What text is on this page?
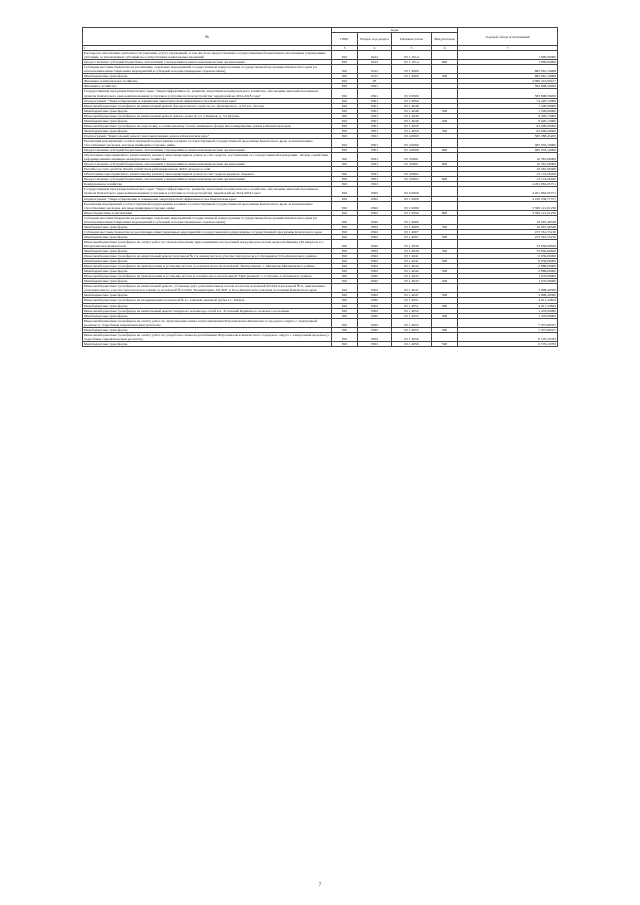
№	коды				Годовой объем ассигнований
	ГРБС	Раздел, под-раздел	Целевая статья	Вид расходов	
1	3	4	5	6	7
Расходы на обеспечение деятельности (оказание услуг) учреждений, в том числе на предоставление государственным бюджетным и автономным учреждениям субсидий, за исключением субсидий на осуществление капитальных вложений	810	0412	05 1 1014		1 890,00000
Предоставление субсидий бюджетным, автономным учреждениям и иным некоммерческим организациям	810	0412	05 1 1014	600	1 890,00000
Субсидии местным бюджетам на реализацию отдельных мероприятий государственной подпрограммы государственной программы Камчатского края (за исключением инвестиционных мероприятий и субсидий, которые приведены отдельно ниже)	810	0412	05 1 4006		882 981,19968
Межбюджетные трансферты	810	0412	05 1 4006	500	882 981,19968
Жилищно-коммунальное хозяйство	810	05			4 966 216,69017
Жилищное хозяйство	810	0501			583 808,58200
Государственная программа Камчатского края "Энергоэффективность, развитие энергетики и коммунального хозяйства, обеспечение жителей населенных пунктов Камчатского края коммунальными услугами и услугами по благоустройству территорий на 2014-2018 годы"	810	0501	05 0 0000		583 808,58200
Подпрограмма "Энергосбережение и повышение энергетической эффективности в Камчатском крае"	810	0501	05 1 0000		74 420,13000
Иные межбюджетные трансферты на капитальный ремонт фасадов жилого дома по ул. Луначарского, д. 65 в п. Оссора	810	0501	05 1 4048		1 500,00000
Межбюджетные трансферты	810	0501	05 1 4048	500	1 500,00000
Иные межбюджетные трансферты на капитальный ремонт жилого дома по ул. Северная, д. 3 в Кутуны	810	0501	05 1 4049		9 920,13000
Межбюджетные трансферты	810	0501	05 1 4049	500	9 920,13000
Иные межбюджетные трансферты на подготовку к отопительному сезону жилищного фонда многоквартирных домов в Камчатском крае	810	0501	05 1 4050		63 000,00000
Межбюджетные трансферты	810	0501	05 1 4050	500	63 000,00000
Подпрограмма "Капитальный ремонт многоквартирных домов в Камчатском крае"	810	0501	05 4 0000		509 388,45200
Реализация мероприятий соответствующей подпрограммы в рамках соответствующей государственной программы Камчатского края, за исключением обособленных расходов, которые приведены отдельно ниже	810	0501	05 4 0099		485 633,10000
Предоставление субсидий бюджетным, автономным учреждениям и иным некоммерческим организациям	810	0501	05 4 0099	600	485 633,10000
Обеспечение мероприятий по капитальному ремонту многоквартирных домов за счет средств, поступивших от государственной корпорации - Фонда содействия реформированию жилищно-коммунального хозяйства	810	0501	05 4 9601		10 581,06000
Предоставление субсидий бюджетным, автономным учреждениям и иным некоммерческим организациям	810	0501	05 4 9601	600	10 581,06000
Расходы за счет средств Фонда содействия реформированию ЖКХ текущего года					10 581,06000
Обеспечение мероприятий по капитальному ремонту многоквартирных домов за счет средств краевого бюджета	810	0501	05 4 9602		13 174,29200
Предоставление субсидий бюджетным, автономным учреждениям и иным некоммерческим организациям	810	0501	05 4 9602	600	13 174,29200
Коммунальное хозяйство	810	0502			4 291 862,65751
Государственная программа Камчатского края "Энергоэффективность, развитие энергетики и коммунального хозяйства, обеспечение жителей населенных пунктов Камчатского края коммунальными услугами и услугами по благоустройству территорий на 2014-2018 годы"	810	0502	05 0 0000		4 291 862,65751
Подпрограмма "Энергосбережение и повышение энергетической эффективности в Камчатском крае"	810	0502	05 1 0000		4 160 239,77377
Реализация мероприятий соответствующей подпрограммы в рамках соответствующей государственной программы Камчатского края, за исключением обособленных расходов, которые приведены отдельно ниже	810	0502	05 1 0099		3 599 121,01256
Иные бюджетные ассигнования	810	0502	05 1 0099	800	3 599 121,01256
Субсидии местным бюджетам на реализацию отдельных мероприятий государственной подпрограммы государственной программы Камчатского края (за исключением инвестиционных мероприятий и субсидий, которые приведены отдельно ниже)	810	0502	05 1 4006		16 667,46528
Межбюджетные трансферты	810	0502	05 1 4006	500	16 667,46528
Субсидии местным бюджетам на реализацию инвестиционных мероприятий государственной подпрограммы государственной программы Камчатского края	810	0502	05 1 4007		473 561,55210
Межбюджетные трансферты	810	0502	05 1 4007	500	473 561,55210
Иные межбюджетные трансферты на оплату работ по технологическому присоединению построенной нагрузки для систем энергоснабжения 210 квартала в г. Петропавловск-Камчатском	810	0502	05 1 4039		33 856,69656
Межбюджетные трансферты	810	0502	05 1 4039	500	33 856,69656
Иные межбюджетные трансферты на капитальный ремонт котельной № 2 в замену ветхого участка теплотрассы в п. Козыревск Усть-Камчатского района	810	0502	05 1 4041		6 039,00000
Межбюджетные трансферты	810	0502	05 1 4041	500	6 039,00000
Иные межбюджетные трансферты на приобретение и установку котлов, в отрезках насосов котельной "Центральная" с. Мильково Мильковского района	810	0502	05 1 4042		2 889,00000
Межбюджетные трансферты	810	0502	05 1 4042	500	2 889,00000
Иные межбюджетные трансферты на приобретение и установку котлов и сетевых насосов котельной "Центральная" с. Соболево Соболевского района	810	0502	05 1 4043		1 670,00000
Межбюджетные трансферты	810	0502	05 1 4043	500	1 670,00000
Иные межбюджетные трансферты на капитальный ремонт, установку двух дополнительных котлов на котлах котельной КЗ-010 и котельной № 6, присвоенных дополнительного участка теплотрассы в замене от котельной № 6 ООО "Коммунтранс УК МР" в Усть-Камчатском сельском поселении Камчатского края	810	0502	05 1 4047		3 898,49500
Межбюджетные трансферты	810	0502	05 1 4047	500	3 898,49500
Иные межбюджетные трансферты на модернизацию котельной № 4 с заменой дымовой трубы в с. Тигиль	810	0502	05 1 4051		4 911,24824
Межбюджетные трансферты	810	0502	05 1 4051	500	4 911,24824
Иные межбюджетные трансферты на капитальный ремонт напорного коллектора сетей в п. Эссовский Корякского сельского поселения	810	0502	05 1 4052		1 470,00000
Межбюджетные трансферты	810	0502	05 1 4052	500	1 470,00000
Иные межбюджетные трансферты на оплату работ по актуализации схемы теплоснабжения Петропавловск-Камчатского городского округа с электронной моделью (с подробным гидравлическим расчетом)	810	0502	05 1 4055		7 075,86357
Межбюджетные трансферты	810	0502	05 1 4055	500	7 075,86357
Иные межбюджетные трансферты на оплату работ по разработке схемы водоснабжения Петропавловск-Камчатского городского округа с электронной моделью (с подробным гидравлическим расчетом)	810	0502	05 1 4056		6 570,16783
Межбюджетные трансферты	810	0502	05 1 4056	500	6 570,16783
7
